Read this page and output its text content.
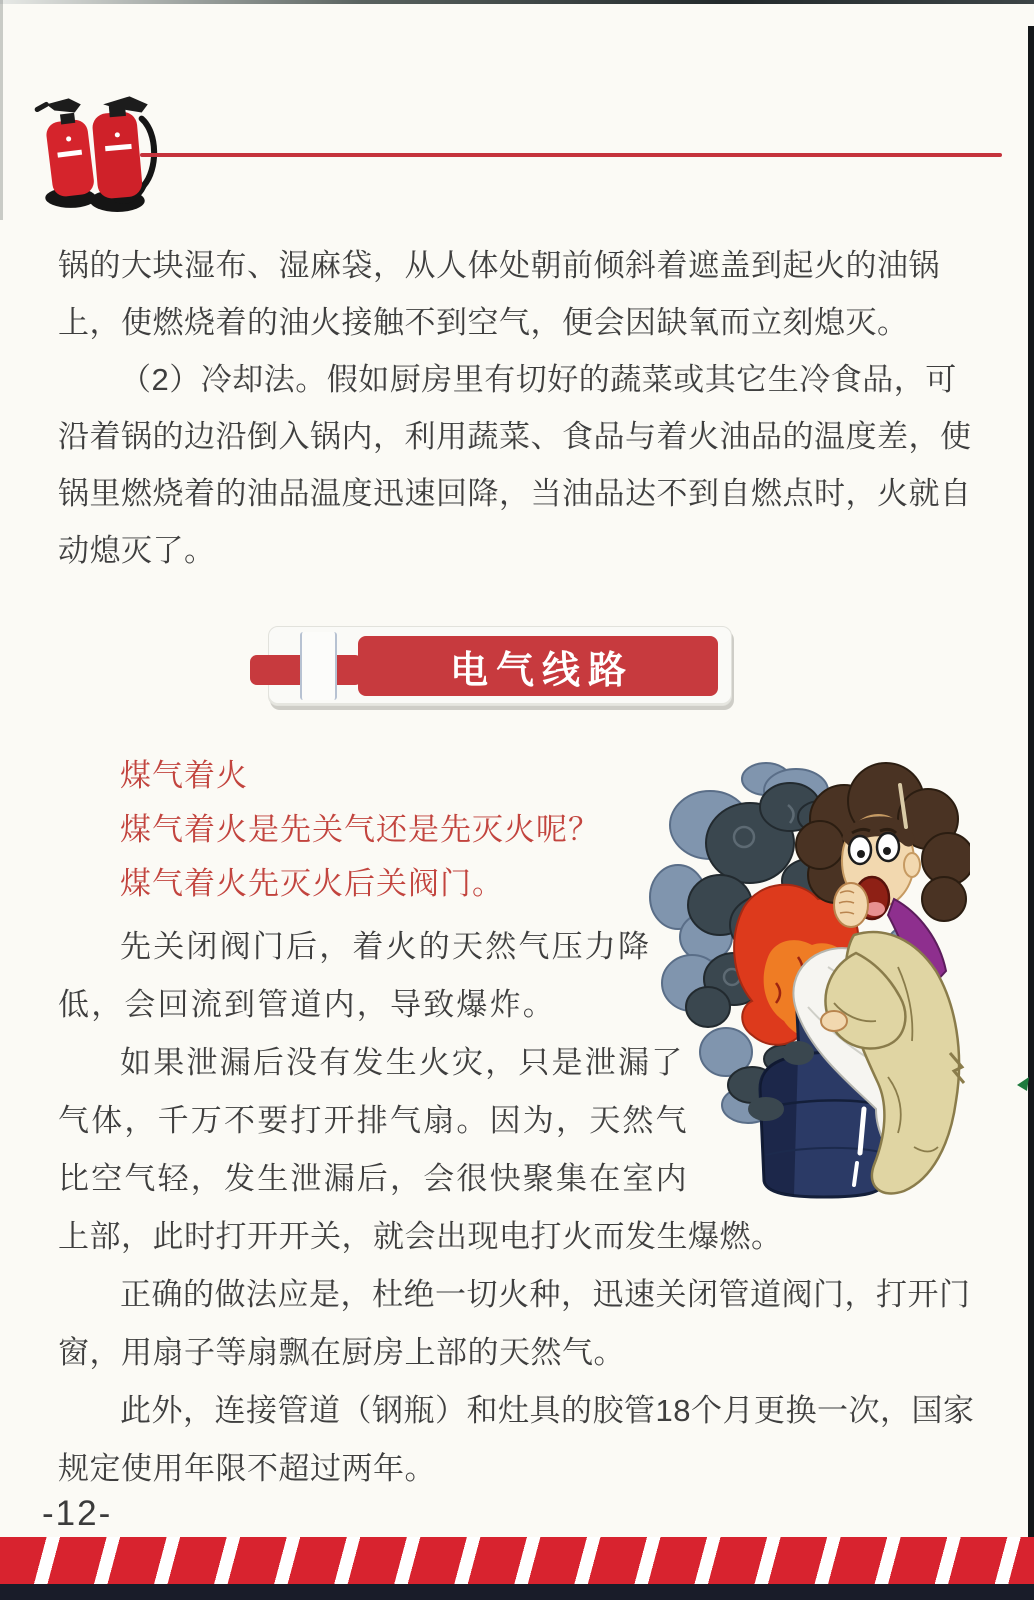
锅的大块湿布、湿麻袋，从人体处朝前倾斜着遮盖到起火的油锅
上，使燃烧着的油火接触不到空气，便会因缺氧而立刻熄灭。
（2）冷却法。假如厨房里有切好的蔬菜或其它生冷食品，可
沿着锅的边沿倒入锅内，利用蔬菜、食品与着火油品的温度差，使
锅里燃烧着的油品温度迅速回降，当油品达不到自燃点时，火就自
动熄灭了。
电气线路
煤气着火
煤气着火是先关气还是先灭火呢？
煤气着火先灭火后关阀门。
先关闭阀门后，着火的天然气压力降
低，会回流到管道内，导致爆炸。
如果泄漏后没有发生火灾，只是泄漏了
气体，千万不要打开排气扇。因为，天然气
比空气轻，发生泄漏后，会很快聚集在室内
上部，此时打开开关，就会出现电打火而发生爆燃。
正确的做法应是，杜绝一切火种，迅速关闭管道阀门，打开门
窗，用扇子等扇飘在厨房上部的天然气。
此外，连接管道（钢瓶）和灶具的胶管18个月更换一次，国家
规定使用年限不超过两年。
-12-
